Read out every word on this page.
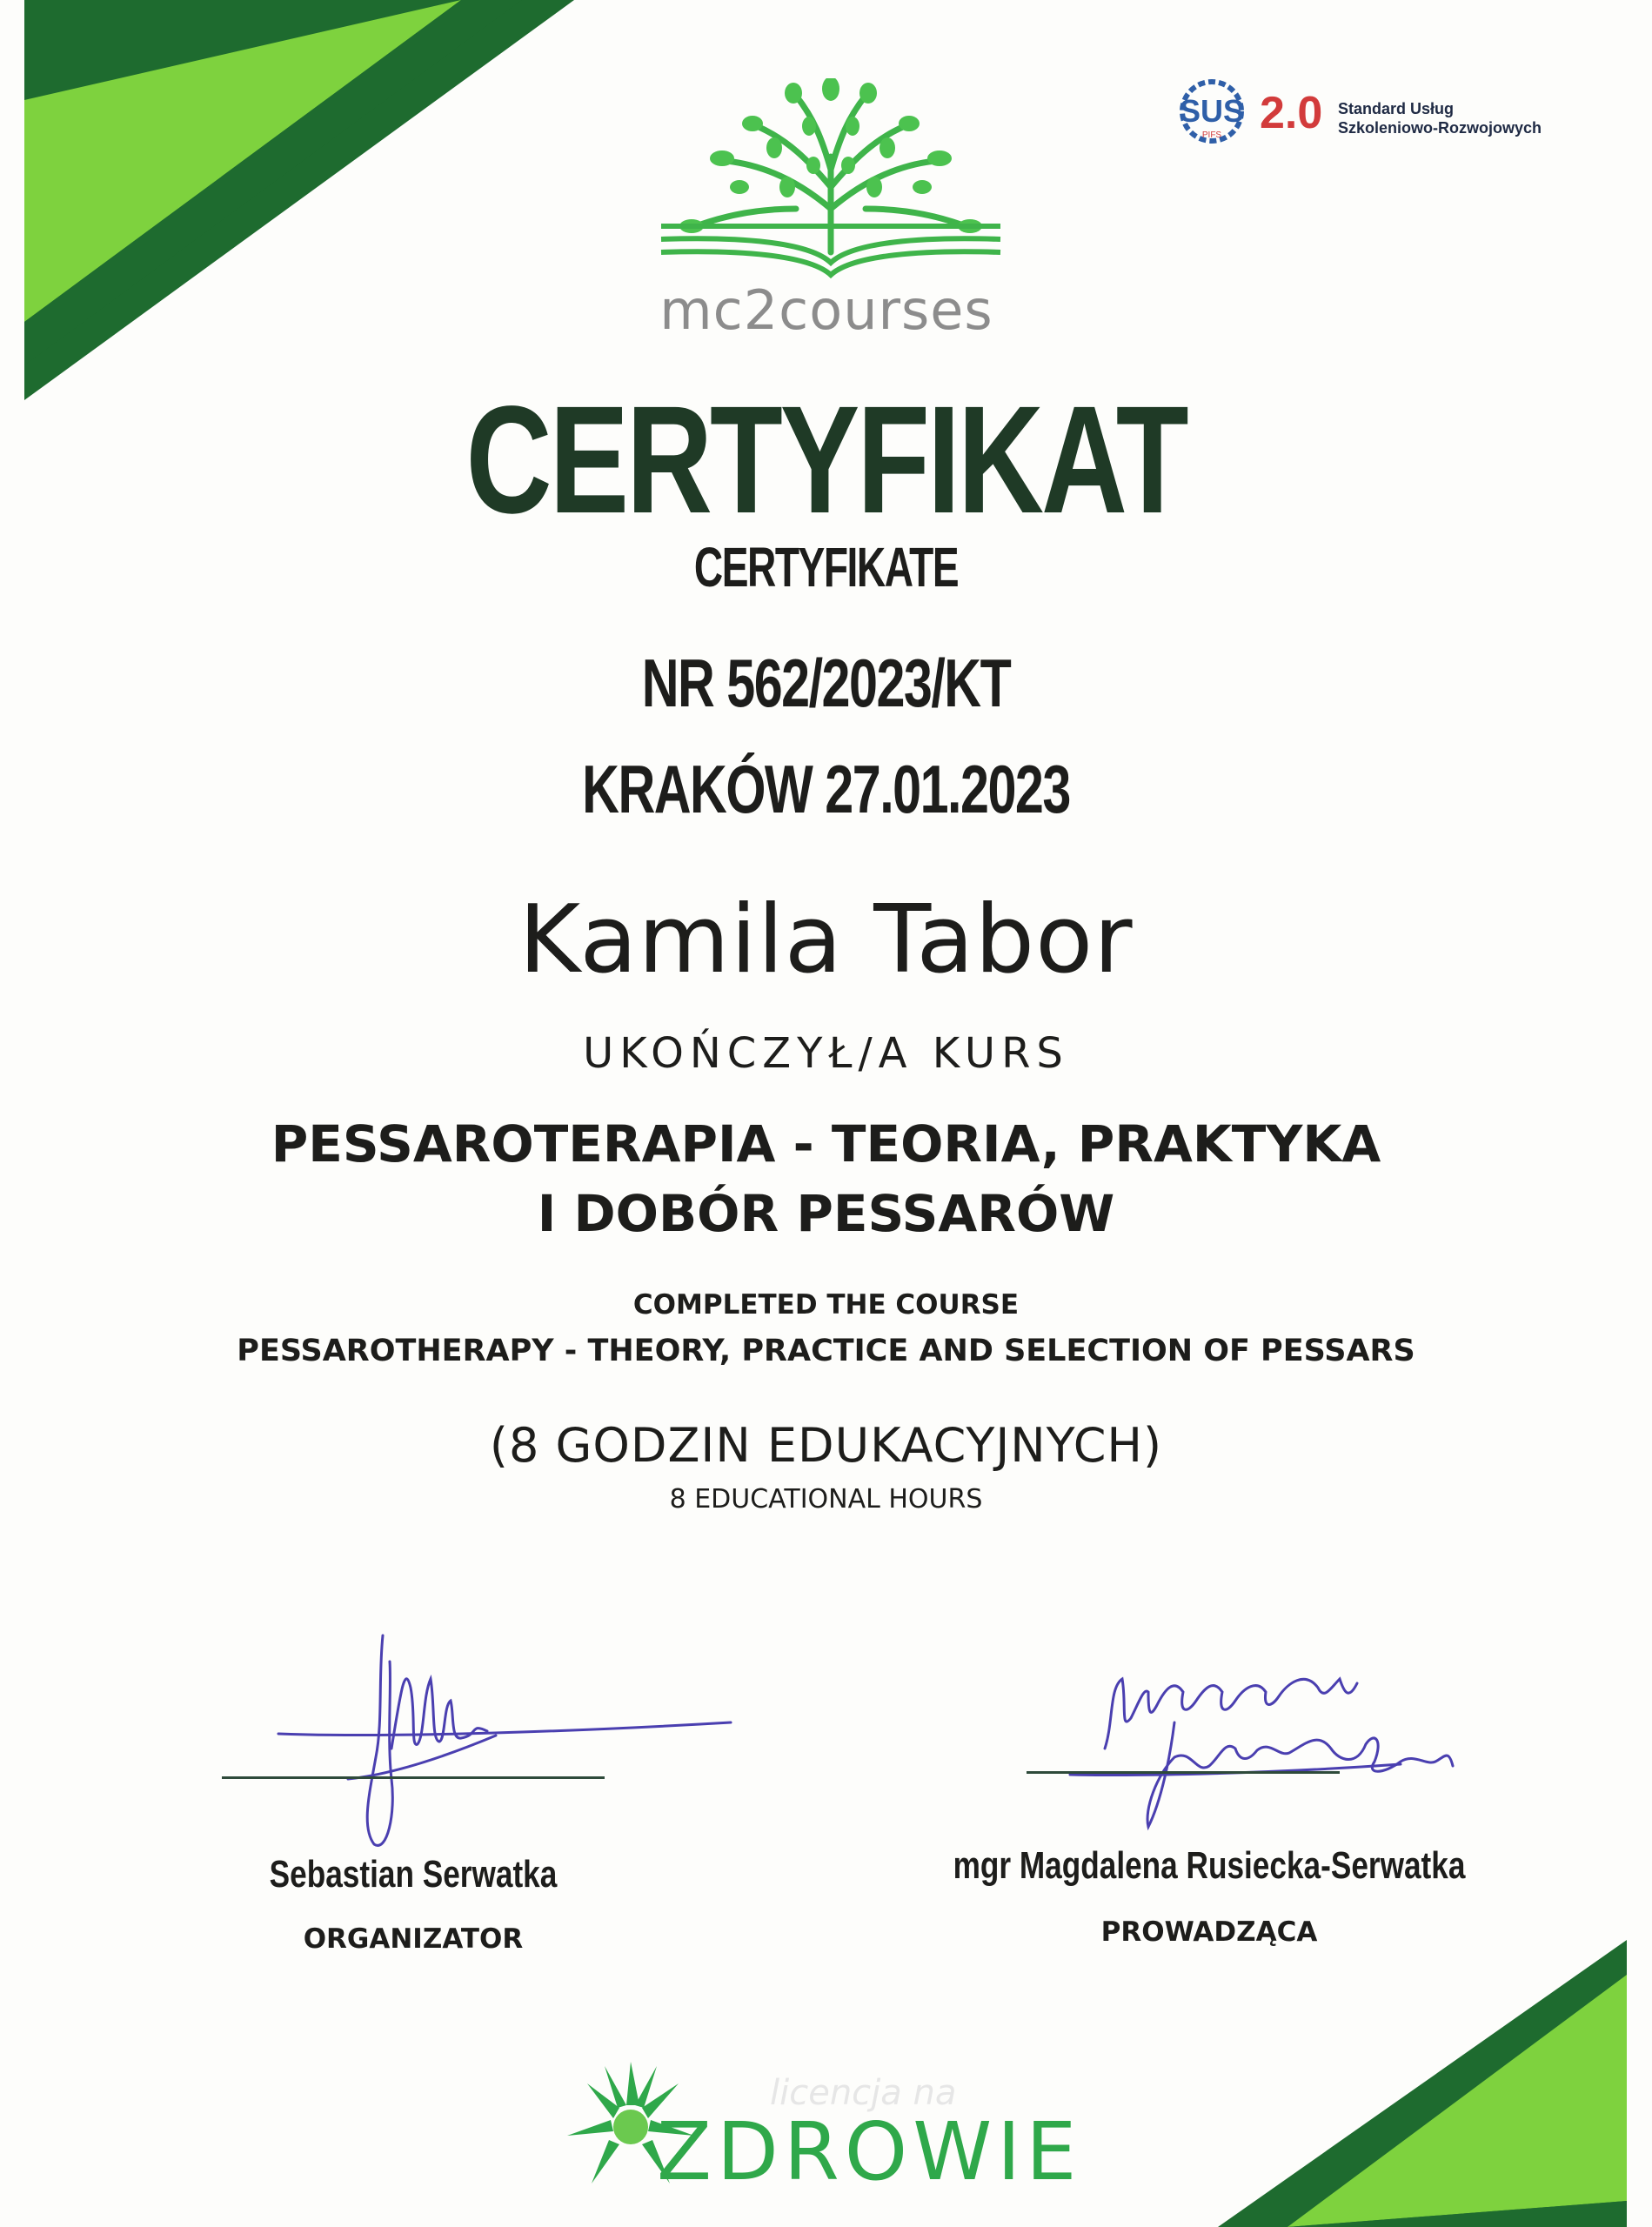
mc2courses
SUS
PIFS 2.0 Standard Usług
Szkoleniowo-Rozwojowych
CERTYFIKAT
CERTYFIKATE
NR 562/2023/KT
KRAKÓW 27.01.2023
Kamila Tabor
UKOŃCZYŁ/A KURS
PESSAROTERAPIA - TEORIA, PRAKTYKA
I DOBÓR PESSARÓW
COMPLETED THE COURSE
PESSAROTHERAPY - THEORY, PRACTICE AND SELECTION OF PESSARS
(8 GODZIN EDUKACYJNYCH)
8 EDUCATIONAL HOURS
Sebastian Serwatka
ORGANIZATOR
mgr Magdalena Rusiecka-Serwatka
PROWADZĄCA
licencja na
ZDROWIE
